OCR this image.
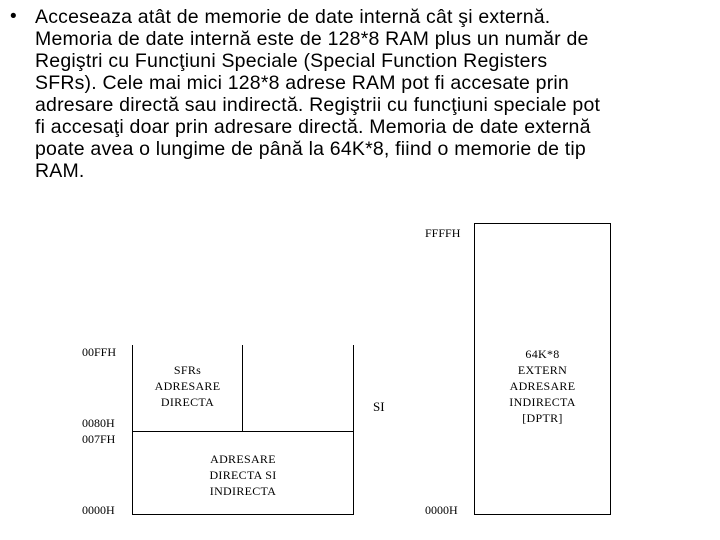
• Acceseaza atât de memorie de date internă cât şi externă.
Memoria de date internă este de 128*8 RAM plus un număr de
Regiştri cu Funcţiuni Speciale (Special Function Registers
SFRs). Cele mai mici 128*8 adrese RAM pot fi accesate prin
adresare directă sau indirectă. Regiştrii cu funcţiuni speciale pot
fi accesaţi doar prin adresare directă. Memoria de date externă
poate avea o lungime de până la 64K*8, fiind o memorie de tip
RAM.
00FFH
0080H
007FH
0000H
SFRs
ADRESARE
DIRECTA
ADRESARE
DIRECTA SI
INDIRECTA
SI
FFFFH
0000H
64K*8
EXTERN
ADRESARE
INDIRECTA
[DPTR]
